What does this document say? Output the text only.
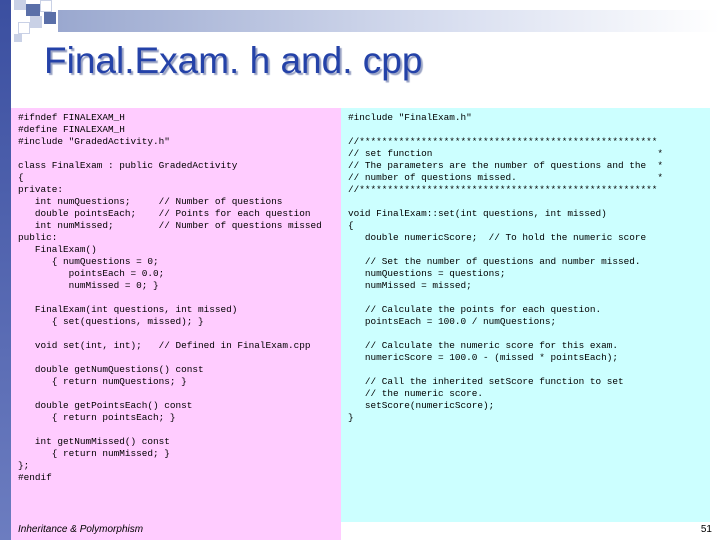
Final.Exam. h and. cpp
#ifndef FINALEXAM_H
#define FINALEXAM_H
#include "GradedActivity.h"

class FinalExam : public GradedActivity
{
private:
int numQuestions;     // Number of questions
double pointsEach;    // Points for each question
int numMissed;        // Number of questions missed
public:
FinalExam()
{ numQuestions = 0;
pointsEach = 0.0;
numMissed = 0; }

FinalExam(int questions, int missed)
{ set(questions, missed); }

void set(int, int);   // Defined in FinalExam.cpp

double getNumQuestions() const
{ return numQuestions; }

double getPointsEach() const
{ return pointsEach; }

int getNumMissed() const
{ return numMissed; }
};
#endif
#include "FinalExam.h"

//*****************************************************
// set function                                        *
// The parameters are the number of questions and the  *
// number of questions missed.                         *
//*****************************************************

void FinalExam::set(int questions, int missed)
{
double numericScore;  // To hold the numeric score

// Set the number of questions and number missed.
numQuestions = questions;
numMissed = missed;

// Calculate the points for each question.
pointsEach = 100.0 / numQuestions;

// Calculate the numeric score for this exam.
numericScore = 100.0 - (missed * pointsEach);

// Call the inherited setScore function to set
// the numeric score.
setScore(numericScore);
}
Inheritance & Polymorphism	51
